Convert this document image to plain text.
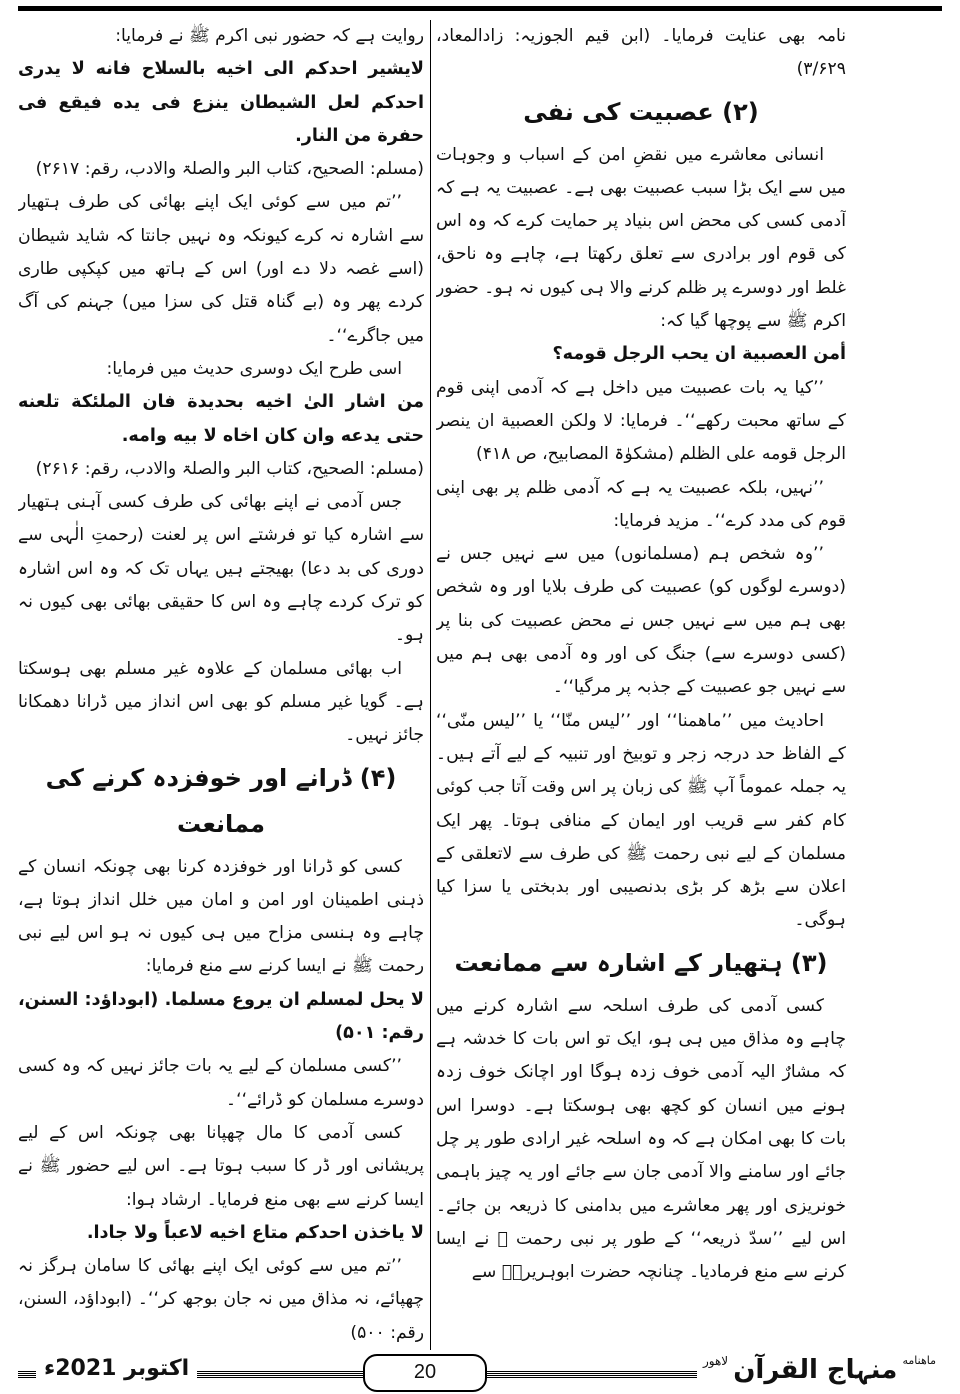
نامہ بھی عنایت فرمایا۔ (ابن قیم الجوزیہ: زادالمعاد، ۳/۶۲۹)

(۲) عصبیت کی نفی

انسانی معاشرے میں نقضِ امن کے اسباب و وجوہات میں سے ایک بڑا سبب عصبیت بھی ہے۔ عصبیت یہ ہے کہ آدمی کسی کی محض اس بنیاد پر حمایت کرے کہ وہ اس کی قوم اور برادری سے تعلق رکھتا ہے، چاہے وہ ناحق، غلط اور دوسرے پر ظلم کرنے والا ہی کیوں نہ ہو۔ حضور اکرم ﷺ سے پوچھا گیا کہ:

أمن العصبية ان يحب الرجل قومه؟

’’کیا یہ بات عصبیت میں داخل ہے کہ آدمی اپنی قوم کے ساتھ محبت رکھے‘‘۔ فرمایا: لا ولكن العصبية ان ينصر الرجل قومه على الظلم (مشکوٰۃ المصابیح، ص ۴۱۸)

’’نہیں، بلکہ عصبیت یہ ہے کہ آدمی ظلم پر بھی اپنی قوم کی مدد کرے‘‘۔ مزید فرمایا:

’’وہ شخص ہم (مسلمانوں) میں سے نہیں جس نے (دوسرے لوگوں کو) عصبیت کی طرف بلایا اور وہ شخص بھی ہم میں سے نہیں جس نے محض عصبیت کی بنا پر (کسی دوسرے سے) جنگ کی اور وہ آدمی بھی ہم میں سے نہیں جو عصبیت کے جذبہ پر مرگیا‘‘۔

احادیث میں ’’ماھمنا‘‘ اور ’’لیس منّا‘‘ یا ’’لیس منّی‘‘ کے الفاظ حد درجہ زجر و توبیخ اور تنبیہ کے لیے آتے ہیں۔ یہ جملہ عموماً آپ ﷺ کی زبان پر اس وقت آتا جب کوئی کام کفر سے قریب اور ایمان کے منافی ہوتا۔ پھر ایک مسلمان کے لیے نبی رحمت ﷺ کی طرف سے لاتعلقی کے اعلان سے بڑھ کر بڑی بدنصیبی اور بدبختی یا سزا کیا ہوگی۔

(۳) ہتھیار کے اشارہ سے ممانعت

کسی آدمی کی طرف اسلحہ سے اشارہ کرنے میں چاہے وہ مذاق میں ہی ہو، ایک تو اس بات کا خدشہ ہے کہ مشارٌ الیہ آدمی خوف زدہ ہوگا اور اچانک خوف زدہ ہونے میں انسان کو کچھ بھی ہوسکتا ہے۔ دوسرا اس بات کا بھی امکان ہے کہ وہ اسلحہ غیر ارادی طور پر چل جائے اور سامنے والا آدمی جان سے جائے اور یہ چیز باہمی خونریزی اور پھر معاشرے میں بدامنی کا ذریعہ بن جائے۔ اس لیے ’’سدّ ذریعہ‘‘ کے طور پر نبی رحمت ﷺ نے ایسا کرنے سے منع فرمادیا۔ چنانچہ حضرت ابوہریرہؓ سے

روایت ہے کہ حضور نبی اکرم ﷺ نے فرمایا:

لايشير احدكم الى اخيه بالسلاح فانه لا يدرى احدكم لعل الشيطان ينزع فى يده فيقع فى حفرة من النار.

(مسلم: الصحیح، کتاب البر والصلۃ والادب، رقم: ۲۶۱۷)

’’تم میں سے کوئی ایک اپنے بھائی کی طرف ہتھیار سے اشارہ نہ کرے کیونکہ وہ نہیں جانتا کہ شاید شیطان (اسے غصہ دلا دے اور) اس کے ہاتھ میں کپکپی طاری کردے پھر وہ (بے گناہ قتل کی سزا میں) جہنم کی آگ میں جاگرے‘‘۔

اسی طرح ایک دوسری حدیث میں فرمایا:

من اشار الىٰ اخيه بحديدة فان الملئكة تلعنه حتى يدعه وان كان اخاه لا بيه وامه.

(مسلم: الصحیح، کتاب البر والصلۃ والادب، رقم: ۲۶۱۶)

جس آدمی نے اپنے بھائی کی طرف کسی آہنی ہتھیار سے اشارہ کیا تو فرشتے اس پر لعنت (رحمتِ الٰہی سے دوری کی بد دعا) بھیجتے ہیں یہاں تک کہ وہ اس اشارہ کو ترک کردے چاہے وہ اس کا حقیقی بھائی بھی کیوں نہ ہو۔

اب بھائی مسلمان کے علاوہ غیر مسلم بھی ہوسکتا ہے۔ گویا غیر مسلم کو بھی اس انداز میں ڈرانا دھمکانا جائز نہیں۔

(۴) ڈرانے اور خوفزدہ کرنے کی ممانعت

کسی کو ڈرانا اور خوفزدہ کرنا بھی چونکہ انسان کے ذہنی اطمینان اور امن و امان میں خلل انداز ہوتا ہے، چاہے وہ ہنسی مزاح میں ہی کیوں نہ ہو اس لیے نبی رحمت ﷺ نے ایسا کرنے سے منع فرمایا:

لا يحل لمسلم ان يروع مسلما. (ابوداؤد: السنن، رقم: ۵۰۱)

’’کسی مسلمان کے لیے یہ بات جائز نہیں کہ وہ کسی دوسرے مسلمان کو ڈرائے‘‘۔

کسی آدمی کا مال چھپانا بھی چونکہ اس کے لیے پریشانی اور ڈر کا سبب ہوتا ہے۔ اس لیے حضور ﷺ نے ایسا کرنے سے بھی منع فرمایا۔ ارشاد ہوا:

لا ياخذن احدكم متاع اخيه لاعباً ولا جادا.

’’تم میں سے کوئی ایک اپنے بھائی کا سامان ہرگز نہ چھپائے، نہ مذاق میں نہ جان بوجھ کر‘‘۔ (ابوداؤد، السنن، رقم: ۵۰۰)

اکتوبر 2021ء	20
$^{ماهنامه}$ منہاج القرآن $^{لاهور}$
